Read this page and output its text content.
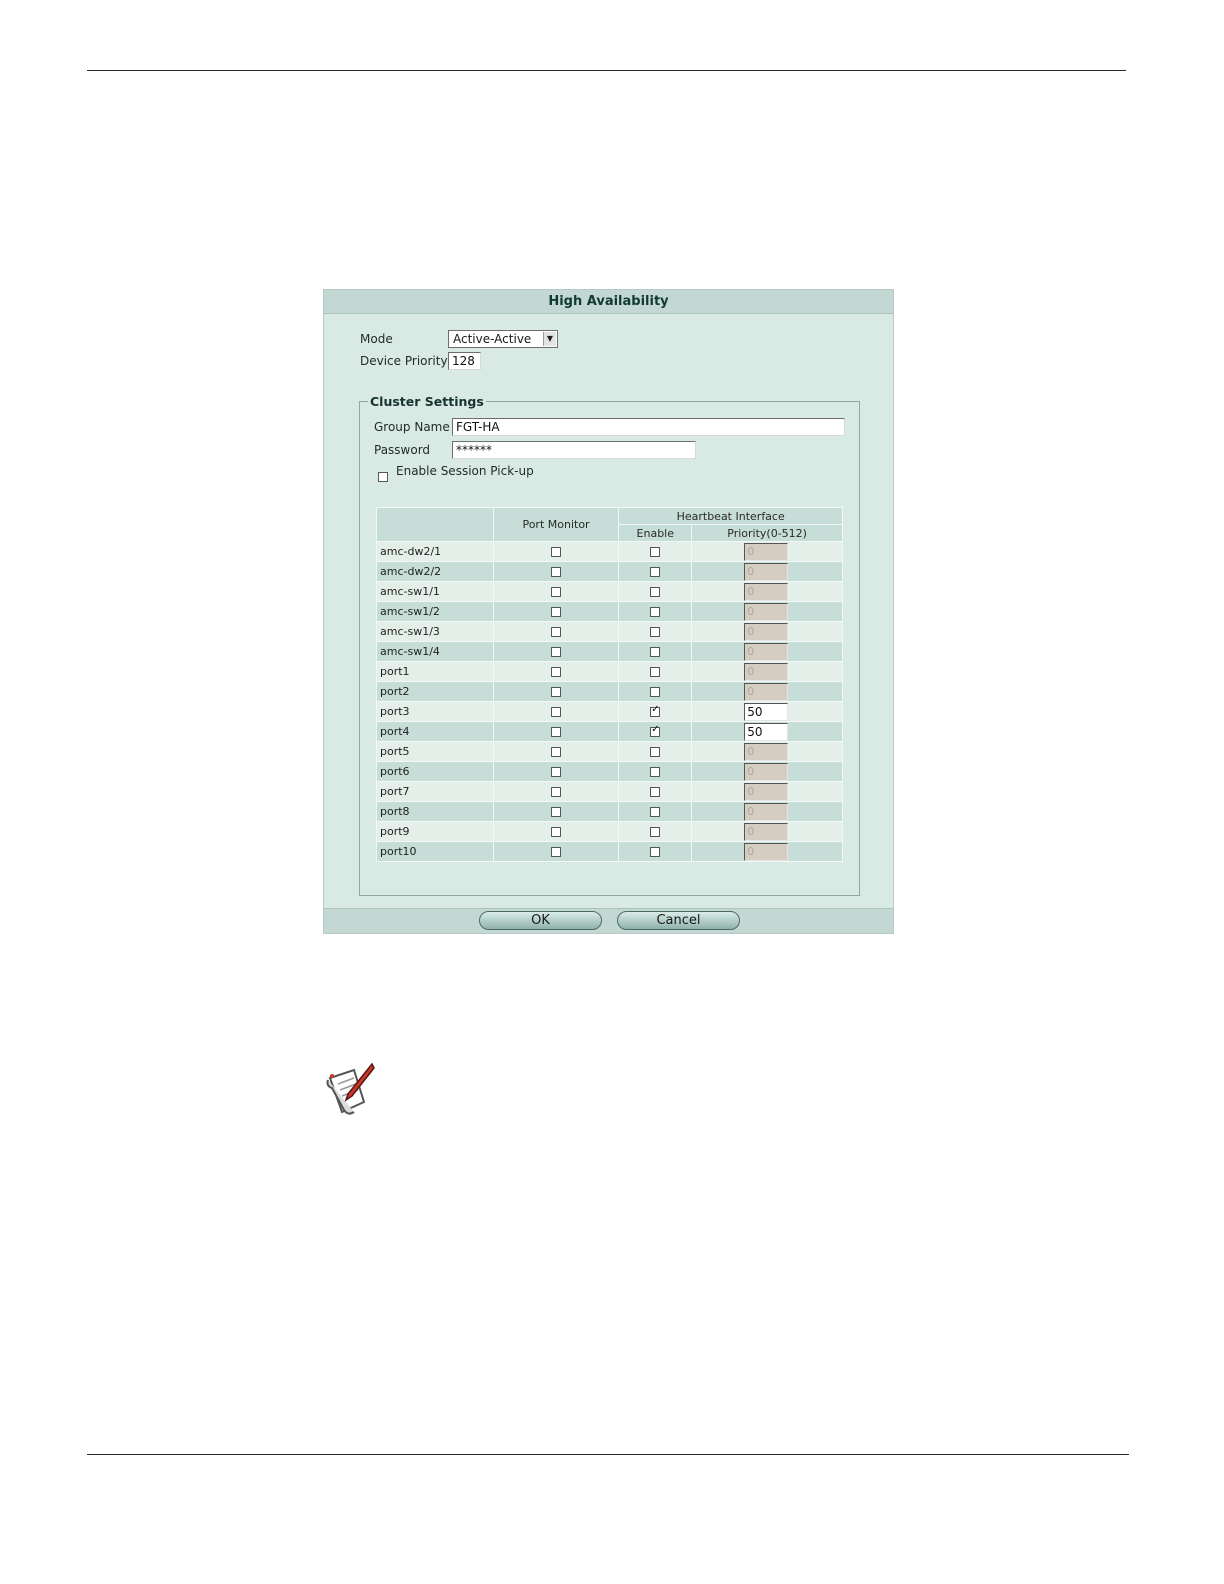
High Availability
Mode	Active-Active	▼
Device Priority 128
Cluster Settings
Group Name FGT-HA
Password	******
Enable Session Pick-up
	Port Monitor	Heartbeat Interface	
		Enable	Priority(0-512)
amc-dw2/1			0

amc-dw2/2			0

amc-sw1/1			0

amc-sw1/2			0

amc-sw1/3			0

amc-sw1/4			0

port1			0

port2			0

port3		✓	50

port4		✓	50

port5			0

port6			0

port7			0

port8			0

port9			0

port10			0
OK	Cancel
